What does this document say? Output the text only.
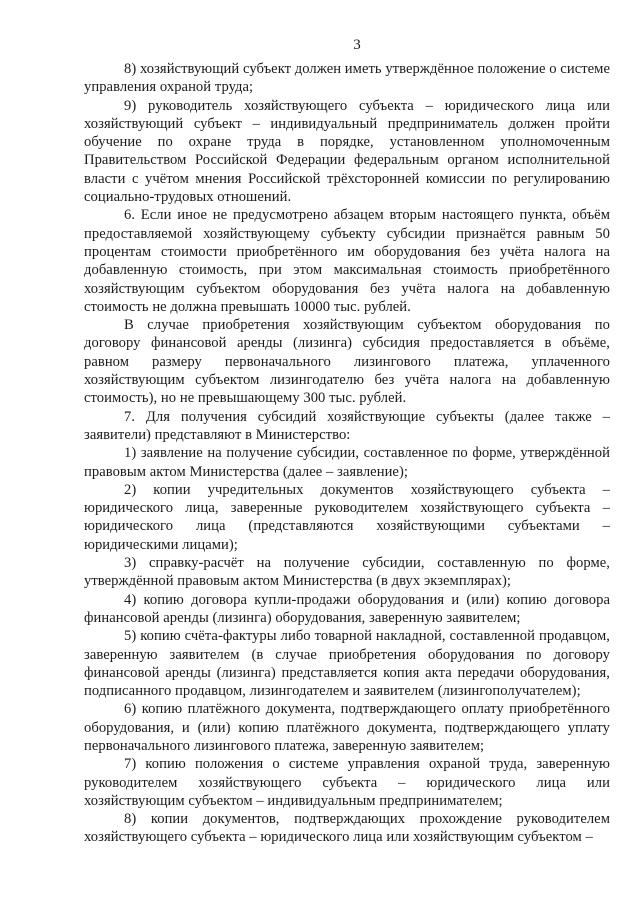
3

8) хозяйствующий субъект должен иметь утверждённое положение о системе управления охраной труда;

9) руководитель хозяйствующего субъекта – юридического лица или хозяйствующий субъект – индивидуальный предприниматель должен пройти обучение по охране труда в порядке, установленном уполномоченным Правительством Российской Федерации федеральным органом исполнительной власти с учётом мнения Российской трёхсторонней комиссии по регулированию социально-трудовых отношений.

6. Если иное не предусмотрено абзацем вторым настоящего пункта, объём предоставляемой хозяйствующему субъекту субсидии признаётся равным 50 процентам стоимости приобретённого им оборудования без учёта налога на добавленную стоимость, при этом максимальная стоимость приобретённого хозяйствующим субъектом оборудования без учёта налога на добавленную стоимость не должна превышать 10000 тыс. рублей.

В случае приобретения хозяйствующим субъектом оборудования по договору финансовой аренды (лизинга) субсидия предоставляется в объёме, равном размеру первоначального лизингового платежа, уплаченного хозяйствующим субъектом лизингодателю без учёта налога на добавленную стоимость), но не превышающему 300 тыс. рублей.

7. Для получения субсидий хозяйствующие субъекты (далее также – заявители) представляют в Министерство:

1) заявление на получение субсидии, составленное по форме, утверждённой правовым актом Министерства (далее – заявление);

2) копии учредительных документов хозяйствующего субъекта – юридического лица, заверенные руководителем хозяйствующего субъекта – юридического лица (представляются хозяйствующими субъектами – юридическими лицами);

3) справку-расчёт на получение субсидии, составленную по форме, утверждённой правовым актом Министерства (в двух экземплярах);

4) копию договора купли-продажи оборудования и (или) копию договора финансовой аренды (лизинга) оборудования, заверенную заявителем;

5) копию счёта-фактуры либо товарной накладной, составленной продавцом, заверенную заявителем (в случае приобретения оборудования по договору финансовой аренды (лизинга) представляется копия акта передачи оборудования, подписанного продавцом, лизингодателем и заявителем (лизингополучателем);

6) копию платёжного документа, подтверждающего оплату приобретённого оборудования, и (или) копию платёжного документа, подтверждающего уплату первоначального лизингового платежа, заверенную заявителем;

7) копию положения о системе управления охраной труда, заверенную руководителем хозяйствующего субъекта – юридического лица или хозяйствующим субъектом – индивидуальным предпринимателем;

8) копии документов, подтверждающих прохождение руководителем хозяйствующего субъекта – юридического лица или хозяйствующим субъектом –
